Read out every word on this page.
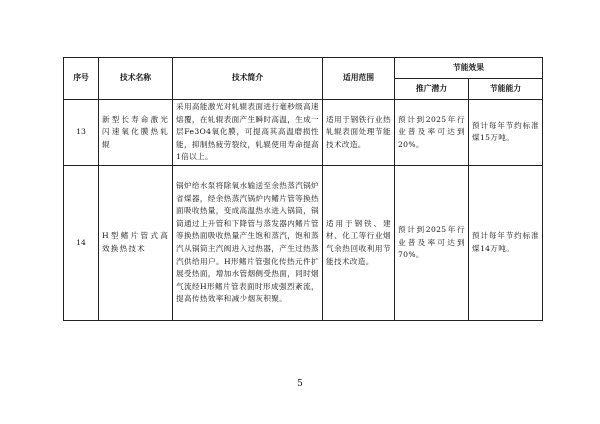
序号	技术名称	技术简介	适用范围	节能效果	
				推广潜力	节能能力
13	新型长寿命激光闪速氧化膜热轧辊	采用高能激光对轧辊表面进行毫秒级高速熔覆，在轧辊表面产生瞬时高温，生成一层Fe3O4氧化膜，可提高其高温磨损性能，抑制热疲劳裂纹，轧辊使用寿命提高1倍以上。	适用于钢铁行业热轧辊表面处理节能技术改造。	预计到2025年行业普及率可达到20%。	预计每年节约标准煤15万吨。

14	H型鳍片管式高效换热技术	锅炉给水泵将除氧水输送至余热蒸汽锅炉省煤器，经余热蒸汽锅炉内鳍片管等换热面吸收热量，变成高温热水进入锅筒，锅筒通过上升管和下降管与蒸发器内鳍片管等换热面吸收热量产生饱和蒸汽，饱和蒸汽从锅筒主汽阀进入过热器，产生过热蒸汽供给用户。H形鳍片管强化传热元件扩展受热面，增加水管烟侧受热面，同时烟气流经H形鳍片管表面时形成强烈紊流，提高传热效率和减少烟灰积聚。	适用于钢铁、建材、化工等行业烟气余热回收利用节能技术改造。	预计到2025年行业普及率可达到70%。	预计每年节约标准煤14万吨。
5
